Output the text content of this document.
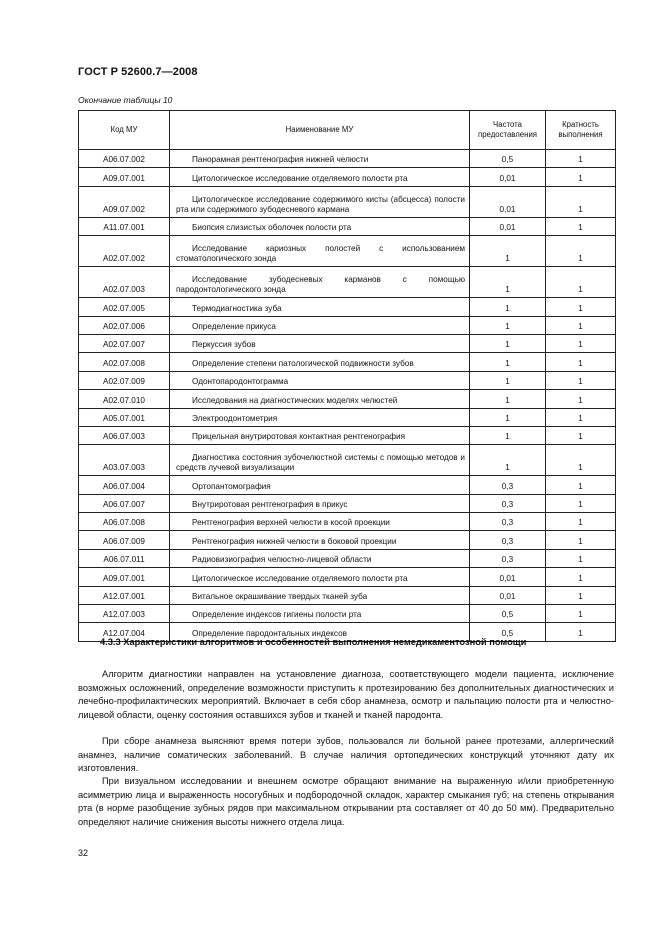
ГОСТ Р 52600.7—2008
Окончание таблицы 10
Код МУ	Наименование МУ	Частота предоставления	Кратность выполнения
A06.07.002	Панорамная рентгенография нижней челюсти	0,5	1
A09.07.001	Цитологическое исследование отделяемого полости рта	0,01	1
A09.07.002	Цитологическое исследование содержимого кисты (абсцесса) полости рта или содержимого зубодесневого кармана	0,01	1
A11.07.001	Биопсия слизистых оболочек полости рта	0,01	1
A02.07.002	Исследование кариозных полостей с использованием стоматологического зонда	1	1
A02.07.003	Исследование зубодесневых карманов с помощью пародонтологического зонда	1	1
A02.07.005	Термодиагностика зуба	1	1
A02.07.006	Определение прикуса	1	1
A02.07.007	Перкуссия зубов	1	1
A02.07.008	Определение степени патологической подвижности зубов	1	1
A02.07.009	Одонтопародонтограмма	1	1
A02.07.010	Исследования на диагностических моделях челюстей	1	1
A05.07.001	Электроодонтометрия	1	1
A06.07.003	Прицельная внутриротовая контактная рентгенография	1	1
A03.07.003	Диагностика состояния зубочелюстной системы с помощью методов и средств лучевой визуализации	1	1
A06.07.004	Ортопантомография	0,3	1
A06.07.007	Внутриротовая рентгенография в прикус	0,3	1
A06.07.008	Рентгенография верхней челюсти в косой проекции	0,3	1
A06.07.009	Рентгенография нижней челюсти в боковой проекции	0,3	1
A06.07.011	Радиовизиография челюстно-лицевой области	0,3	1
A09.07.001	Цитологическое исследование отделяемого полости рта	0,01	1
A12.07.001	Витальное окрашивание твердых тканей зуба	0,01	1
A12.07.003	Определение индексов гигиены полости рта	0,5	1
A12.07.004	Определение пародонтальных индексов	0,5	1
4.3.3 Характеристики алгоритмов и особенностей выполнения немедикаментозной помощи
Алгоритм диагностики направлен на установление диагноза, соответствующего модели пациента, исключение возможных осложнений, определение возможности приступить к протезированию без дополнительных диагностических и лечебно-профилактических мероприятий. Включает в себя сбор анамнеза, осмотр и пальпацию полости рта и челюстно-лицевой области, оценку состояния оставшихся зубов и тканей и тканей пародонта.
При сборе анамнеза выясняют время потери зубов, пользовался ли больной ранее протезами, аллергический анамнез, наличие соматических заболеваний. В случае наличия ортопедических конструкций уточняют дату их изготовления.
При визуальном исследовании и внешнем осмотре обращают внимание на выраженную и/или приобретенную асимметрию лица и выраженность носогубных и подбородочной складок, характер смыкания губ; на степень открывания рта (в норме разобщение зубных рядов при максимальном открывании рта составляет от 40 до 50 мм). Предварительно определяют наличие снижения высоты нижнего отдела лица.
32
